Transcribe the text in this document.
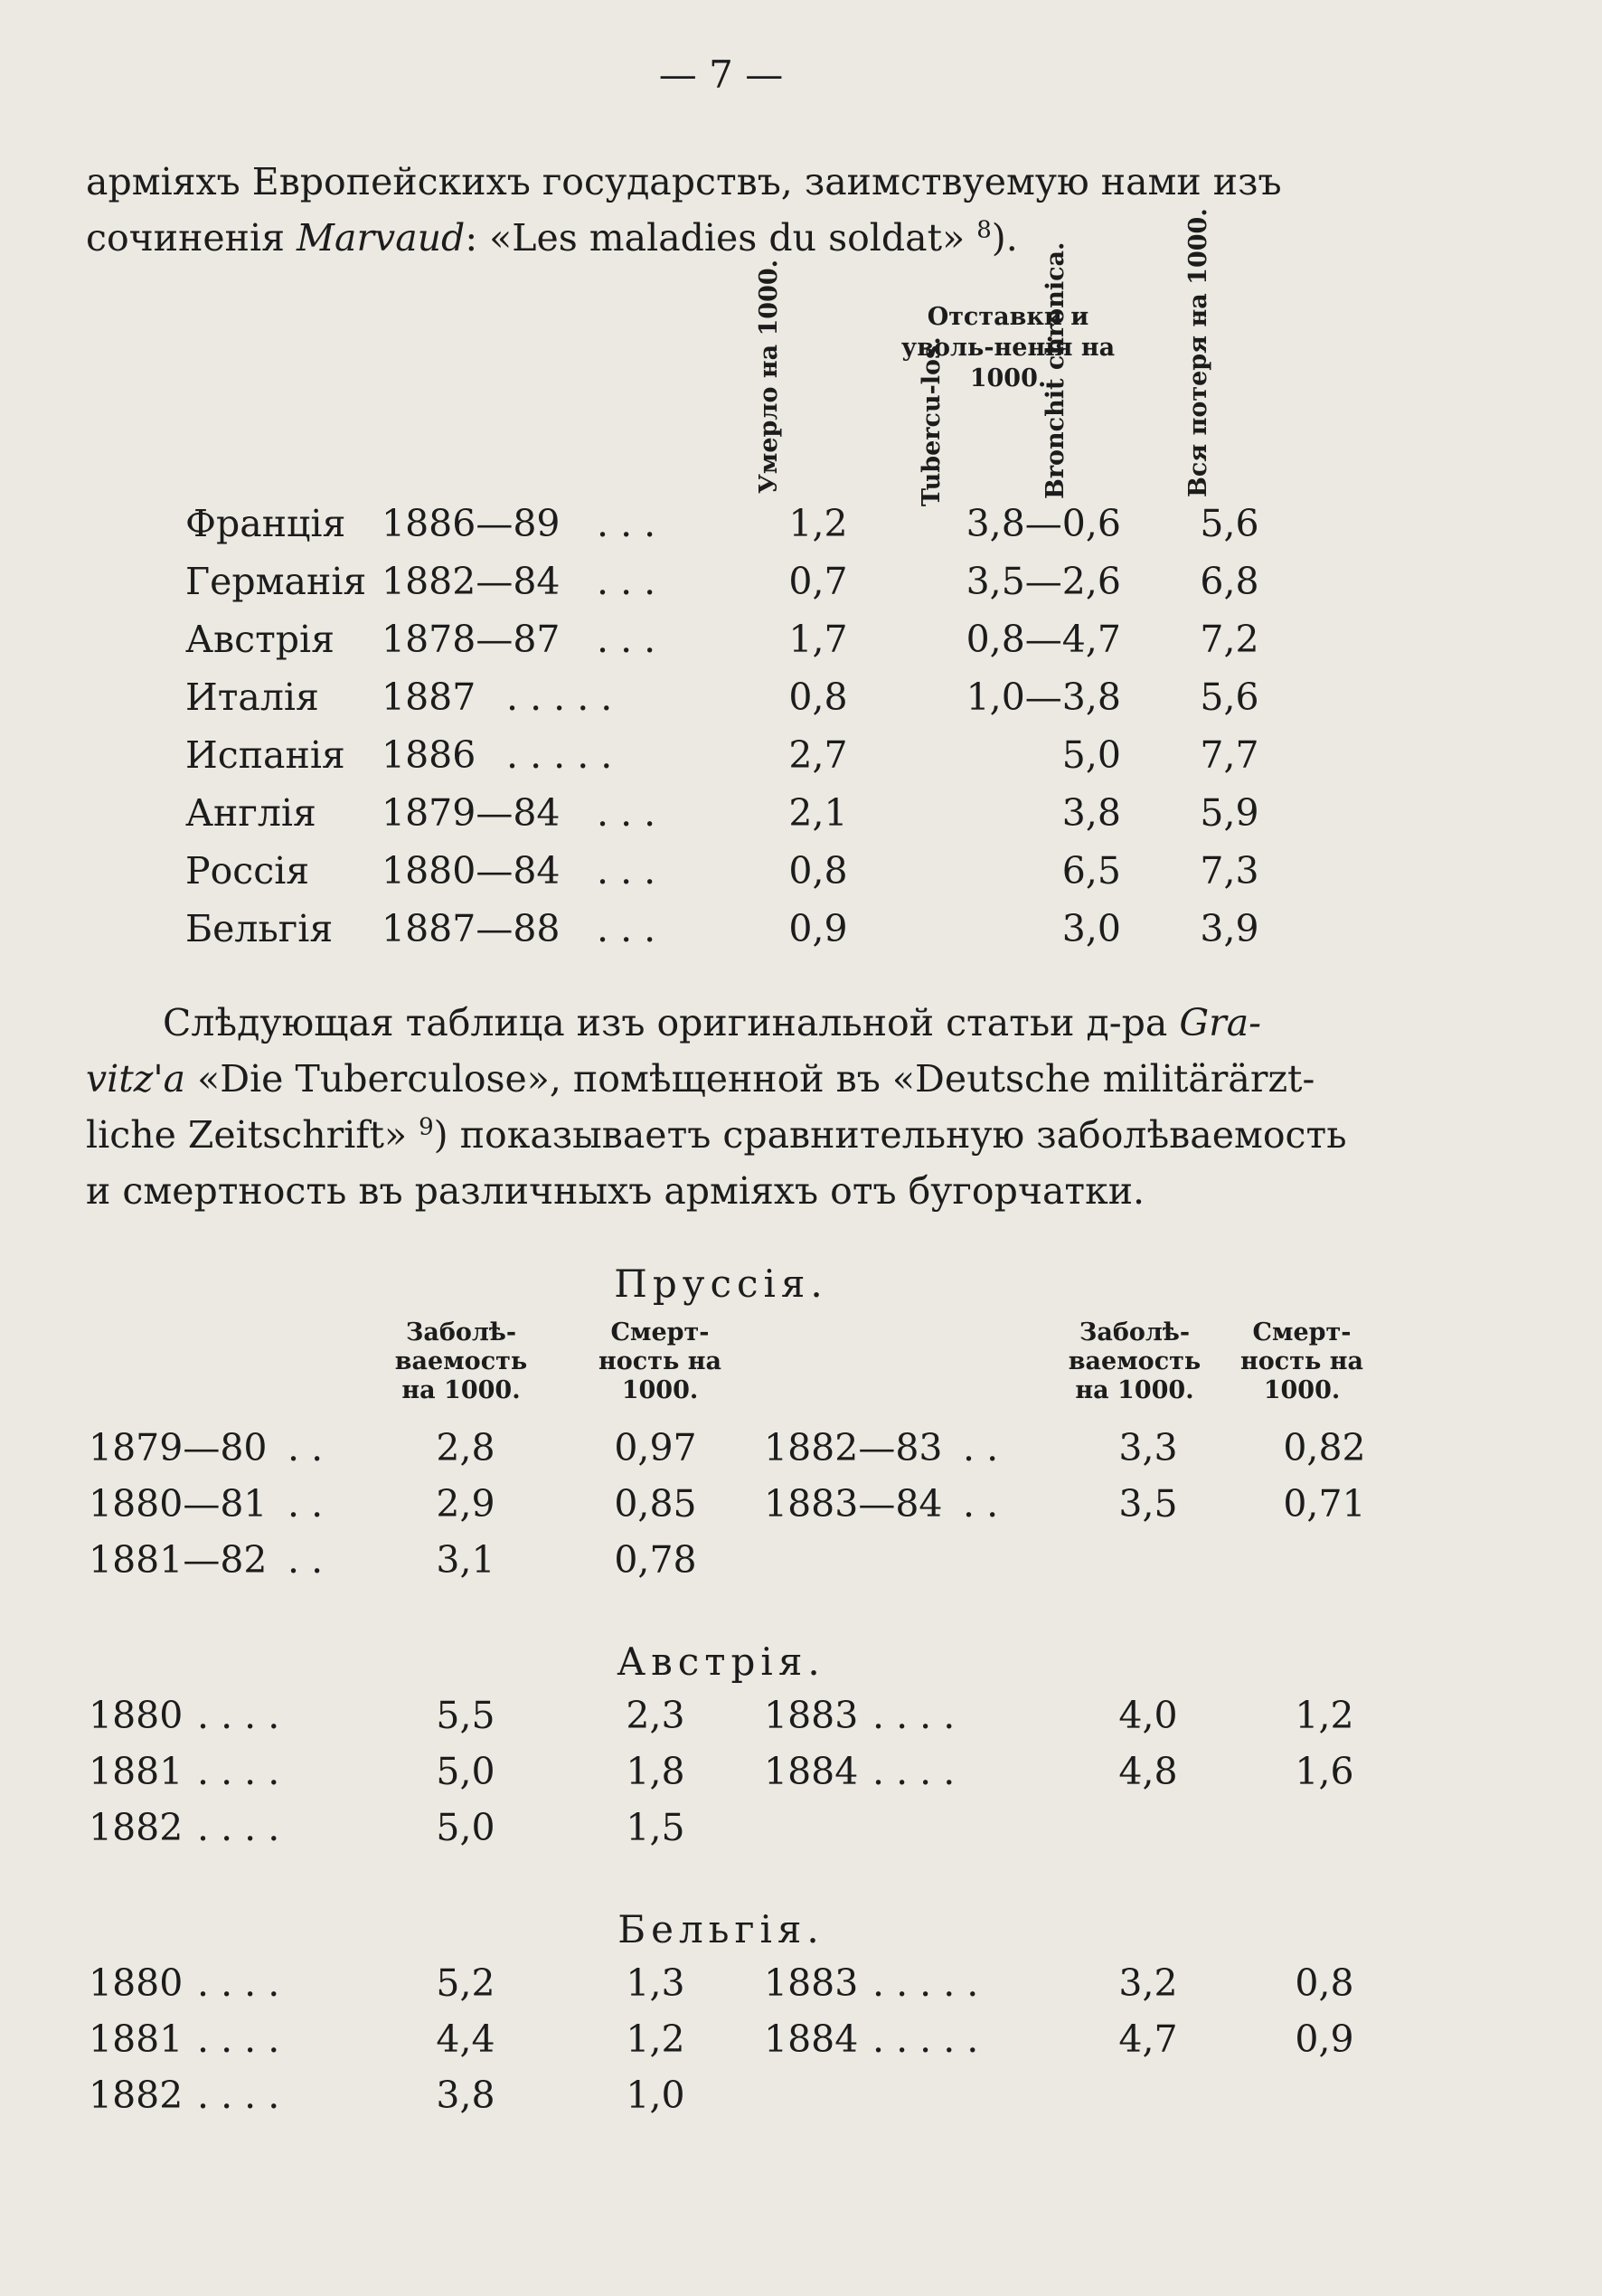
— 7 —
арміяхъ Европейскихъ государствъ, заимствуемую нами изъ
сочиненія Marvaud: «Les maladies du soldat» $^8$).
Умерло на 1000.	Отставки и уволь-ненія на 1000.
Tubercu-los.	Bronchit chronica.	Вся потеря на 1000.
Франція 1886—89 . . .	1,2	3,8—0,6	5,6
Германія 1882—84 . . .	0,7	3,5—2,6	6,8
Австрія 1878—87 . . .	1,7	0,8—4,7	7,2
Италія 1887 . . . . .	0,8	1,0—3,8	5,6
Испанія 1886 . . . . .	2,7	5,0	7,7
Англія 1879—84 . . .	2,1	3,8	5,9
Россія 1880—84 . . .	0,8	6,5	7,3
Бельгія 1887—88 . . .	0,9	3,0	3,9
Слѣдующая таблица изъ оригинальной статьи д-ра Gra-
vitz'a «Die Tuberculose», помѣщенной въ «Deutsche militärärzt-
liche Zeitschrift» $^9$) показываетъ сравнительную заболѣваемость
и смертность въ различныхъ арміяхъ отъ бугорчатки.
Заболѣ-ваемость на 1000.
Смерт-ность на 1000.
Заболѣ-ваемость на 1000.
Смерт-ность на 1000.
Пруссія.
1879—80 . .	2,8	0,97	1882—83 . .	3,3	0,82
1880—81 . .	2,9	0,85	1883—84 . .	3,5	0,71
1881—82 . .	3,1	0,78
Австрія.
1880 . . . .	5,5	2,3	1883 . . . .	4,0	1,2
1881 . . . .	5,0	1,8	1884 . . . .	4,8	1,6
1882 . . . .	5,0	1,5
Бельгія.
1880 . . . .	5,2	1,3	1883 . . . . .	3,2	0,8
1881 . . . .	4,4	1,2	1884 . . . . .	4,7	0,9
1882 . . . .	3,8	1,0
